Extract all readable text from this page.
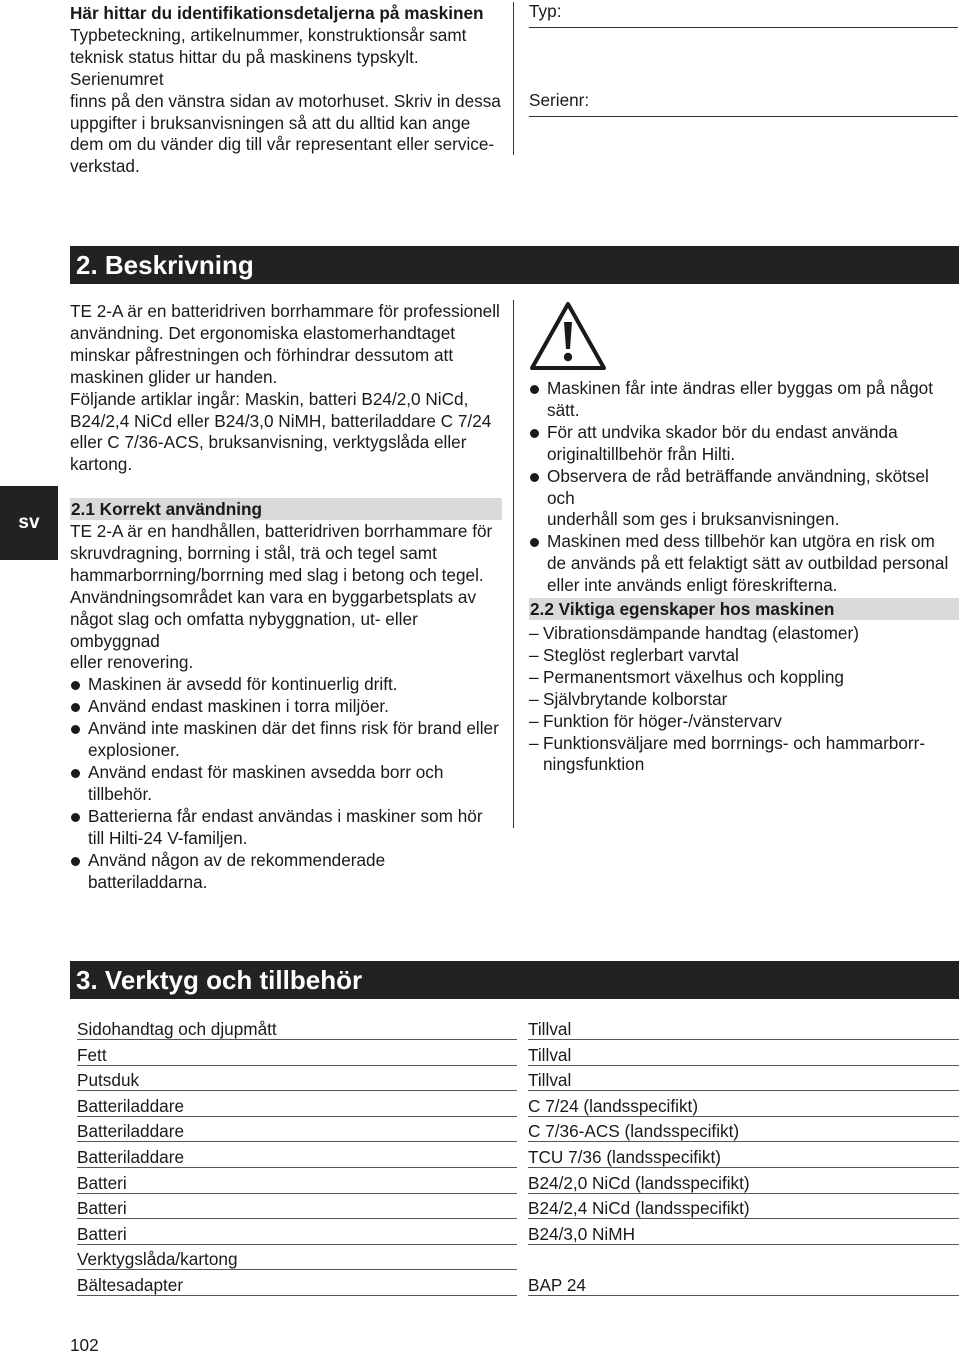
Här hittar du identifikationsdetaljerna på maskinen
Typbeteckning, artikelnummer, konstruktionsår samt
teknisk status hittar du på maskinens typskylt. Serienumret
finns på den vänstra sidan av motorhuset. Skriv in dessa
uppgifter i bruksanvisningen så att du alltid kan ange
dem om du vänder dig till vår representant eller service-
verkstad.
Typ:
Serienr:
2. Beskrivning
sv
TE 2-A är en batteridriven borrhammare för professionell
användning. Det ergonomiska elastomerhandtaget
minskar påfrestningen och förhindrar dessutom att
maskinen glider ur handen.
Följande artiklar ingår: Maskin, batteri B24/2,0 NiCd,
B24/2,4 NiCd eller B24/3,0 NiMH, batteriladdare C 7/24
eller C 7/36-ACS, bruksanvisning, verktygslåda eller
kartong.
2.1 Korrekt användning
TE 2-A är en handhållen, batteridriven borrhammare för
skruvdragning, borrning i stål, trä och tegel samt
hammarborrning/borrning med slag i betong och tegel.
Användningsområdet kan vara en byggarbetsplats av
något slag och omfatta nybyggnation, ut- eller ombyggnad
eller renovering.
Maskinen är avsedd för kontinuerlig drift.
Använd endast maskinen i torra miljöer.
Använd inte maskinen där det finns risk för brand eller
explosioner.
Använd endast för maskinen avsedda borr och tillbehör.
Batterierna får endast användas i maskiner som hör
till Hilti-24 V-familjen.
Använd någon av de rekommenderade batteriladdarna.
Maskinen får inte ändras eller byggas om på något
sätt.
För att undvika skador bör du endast använda
originaltillbehör från Hilti.
Observera de råd beträffande användning, skötsel och
underhåll som ges i bruksanvisningen.
Maskinen med dess tillbehör kan utgöra en risk om
de används på ett felaktigt sätt av outbildad personal
eller inte används enligt föreskrifterna.
2.2 Viktiga egenskaper hos maskinen
– Vibrationsdämpande handtag (elastomer)
– Steglöst reglerbart varvtal
– Permanentsmort växelhus och koppling
– Självbrytande kolborstar
– Funktion för höger-/vänstervarv
– Funktionsväljare med borrnings- och hammarborr-
ningsfunktion
3. Verktyg och tillbehör
Sidohandtag och djupmått	Tillval
Fett	Tillval
Putsduk	Tillval
Batteriladdare	C 7/24 (landsspecifikt)
Batteriladdare	C 7/36-ACS (landsspecifikt)
Batteriladdare	TCU 7/36 (landsspecifikt)
Batteri	B24/2,0 NiCd (landsspecifikt)
Batteri	B24/2,4 NiCd (landsspecifikt)
Batteri	B24/3,0 NiMH
Verktygslåda/kartong
Bältesadapter	BAP 24
102
